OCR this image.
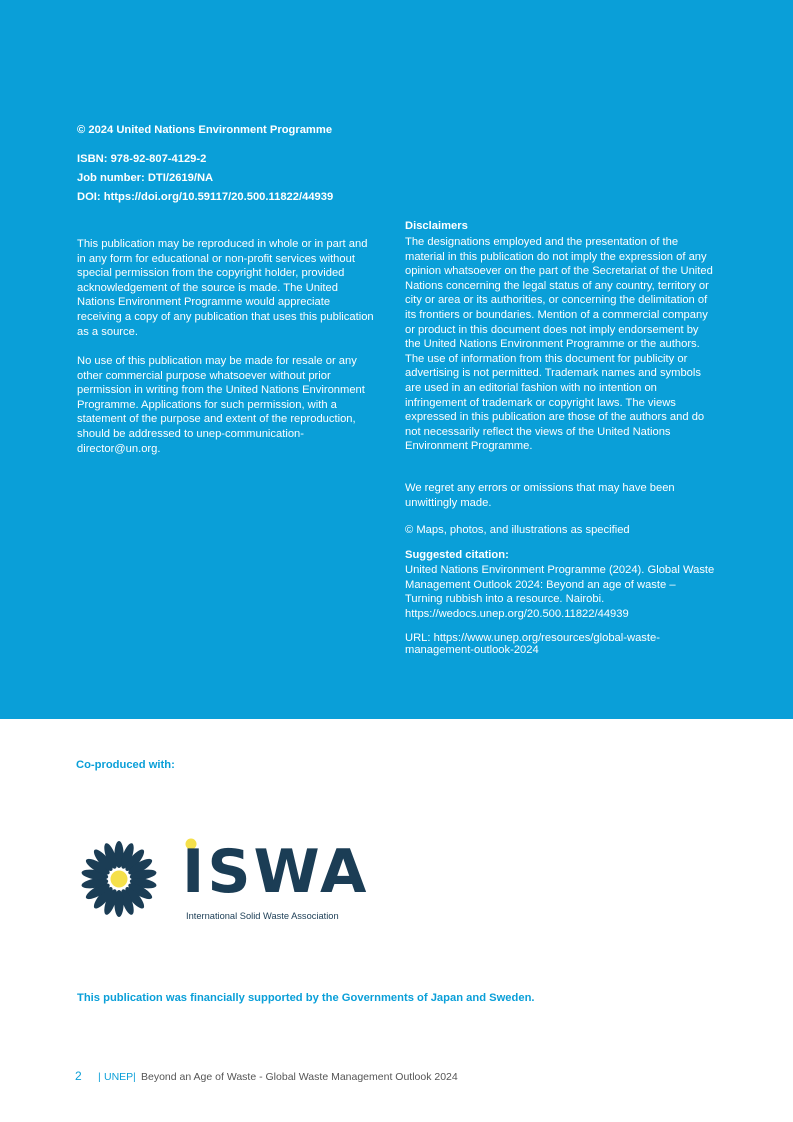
© 2024 United Nations Environment Programme

ISBN: 978-92-807-4129-2

Job number: DTI/2619/NA

DOI: https://doi.org/10.59117/20.500.11822/44939

This publication may be reproduced in whole or in part and in any form for educational or non-profit services without special permission from the copyright holder, provided acknowledgement of the source is made. The United Nations Environment Programme would appreciate receiving a copy of any publication that uses this publication as a source.

No use of this publication may be made for resale or any other commercial purpose whatsoever without prior permission in writing from the United Nations Environment Programme. Applications for such permission, with a statement of the purpose and extent of the reproduction, should be addressed to unep-communication-director@un.org.

Disclaimers

The designations employed and the presentation of the material in this publication do not imply the expression of any opinion whatsoever on the part of the Secretariat of the United Nations concerning the legal status of any country, territory or city or area or its authorities, or concerning the delimitation of its frontiers or boundaries. Mention of a commercial company or product in this document does not imply endorsement by the United Nations Environment Programme or the authors. The use of information from this document for publicity or advertising is not permitted. Trademark names and symbols are used in an editorial fashion with no intention on infringement of trademark or copyright laws. The views expressed in this publication are those of the authors and do not necessarily reflect the views of the United Nations Environment Programme.

We regret any errors or omissions that may have been unwittingly made.

© Maps, photos, and illustrations as specified

Suggested citation:

United Nations Environment Programme (2024). Global Waste Management Outlook 2024: Beyond an age of waste – Turning rubbish into a resource. Nairobi. https://wedocs.unep.org/20.500.11822/44939

URL: https://www.unep.org/resources/global-waste-management-outlook-2024

Co-produced with:

ISWA
International Solid Waste Association

This publication was financially supported by the Governments of Japan and Sweden.

2 | UNEP | Beyond an Age of Waste - Global Waste Management Outlook 2024
